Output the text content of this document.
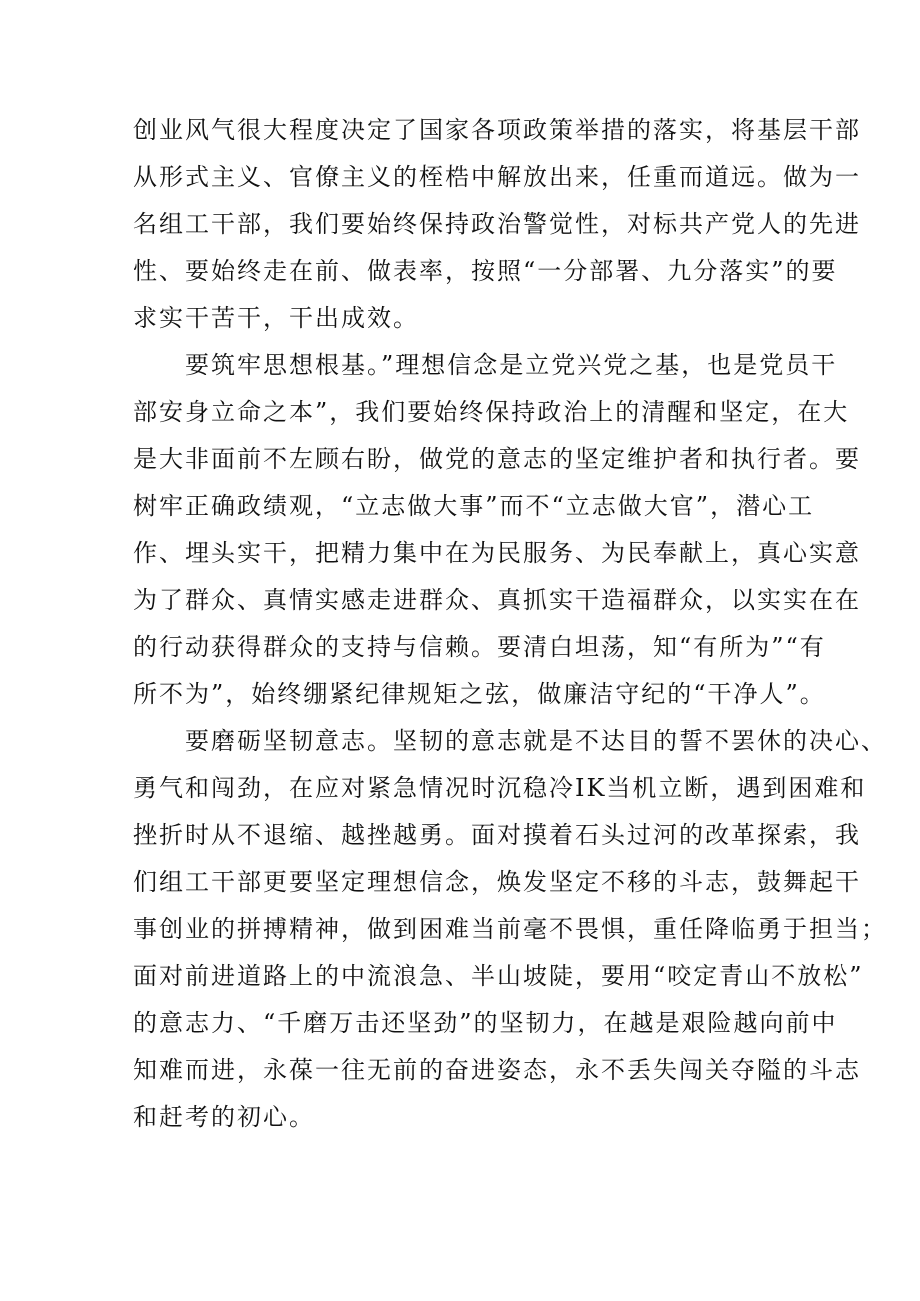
创业风气很大程度决定了国家各项政策举措的落实，将基层干部
从形式主义、官僚主义的桎梏中解放出来，任重而道远。做为一
名组工干部，我们要始终保持政治警觉性，对标共产党人的先进
性、要始终走在前、做表率，按照“一分部署、九分落实”的要
求实干苦干，干出成效。
要筑牢思想根基。”理想信念是立党兴党之基，也是党员干
部安身立命之本”，我们要始终保持政治上的清醒和坚定，在大
是大非面前不左顾右盼，做党的意志的坚定维护者和执行者。要
树牢正确政绩观，“立志做大事”而不“立志做大官”，潜心工
作、埋头实干，把精力集中在为民服务、为民奉献上，真心实意
为了群众、真情实感走进群众、真抓实干造福群众，以实实在在
的行动获得群众的支持与信赖。要清白坦荡，知“有所为”“有
所不为”，始终绷紧纪律规矩之弦，做廉洁守纪的“干净人”。
要磨砺坚韧意志。坚韧的意志就是不达目的誓不罢休的决心、
勇气和闯劲，在应对紧急情况时沉稳冷IK当机立断，遇到困难和
挫折时从不退缩、越挫越勇。面对摸着石头过河的改革探索，我
们组工干部更要坚定理想信念，焕发坚定不移的斗志，鼓舞起干
事创业的拼搏精神，做到困难当前毫不畏惧，重任降临勇于担当；
面对前进道路上的中流浪急、半山坡陡，要用“咬定青山不放松”
的意志力、“千磨万击还坚劲”的坚韧力，在越是艰险越向前中
知难而进，永葆一往无前的奋进姿态，永不丢失闯关夺隘的斗志
和赶考的初心。
